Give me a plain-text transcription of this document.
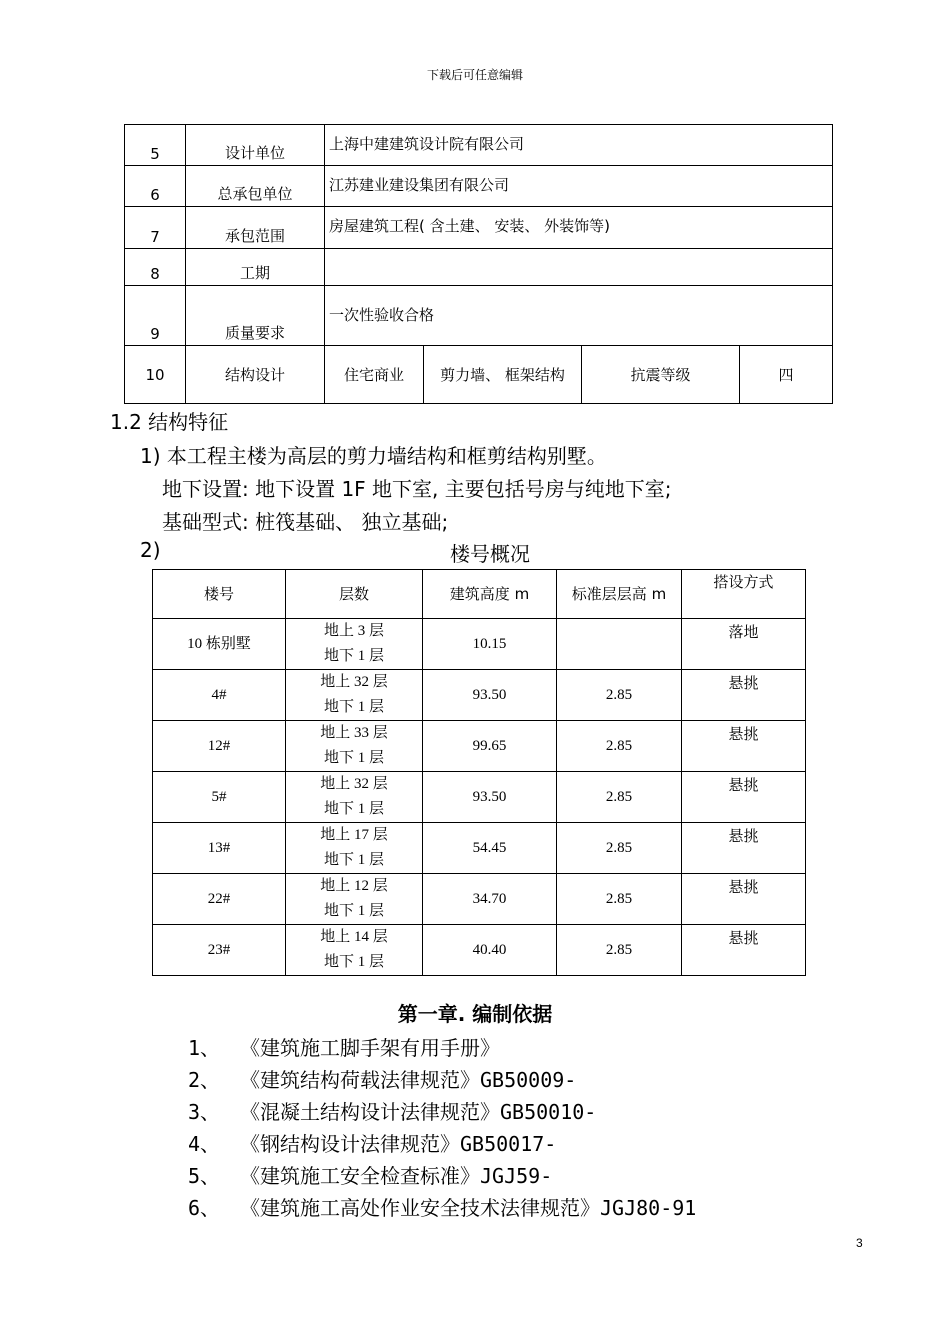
下载后可任意编辑
5	设计单位	上海中建建筑设计院有限公司			
6	总承包单位	江苏建业建设集团有限公司			
7	承包范围	房屋建筑工程( 含土建、 安装、 外装饰等)			
8	工期				
9	质量要求	一次性验收合格			
10	结构设计	住宅商业	剪力墙、 框架结构	抗震等级	四
1.2 结构特征
1) 本工程主楼为高层的剪力墙结构和框剪结构别墅。
地下设置: 地下设置 1F 地下室, 主要包括号房与纯地下室;
基础型式: 桩筏基础、 独立基础;
2)	楼号概况
楼号	层数	建筑高度 m	标准层层高 m	搭设方式
10 栋别墅	地上 3 层
地下 1 层	10.15		落地
4#	地上 32 层
地下 1 层	93.50	2.85	悬挑
12#	地上 33 层
地下 1 层	99.65	2.85	悬挑
5#	地上 32 层
地下 1 层	93.50	2.85	悬挑
13#	地上 17 层
地下 1 层	54.45	2.85	悬挑
22#	地上 12 层
地下 1 层	34.70	2.85	悬挑
23#	地上 14 层
地下 1 层	40.40	2.85	悬挑
第一章. 编制依据
1、 《建筑施工脚手架有用手册》
2、 《建筑结构荷载法律规范》GB50009-
3、 《混凝土结构设计法律规范》GB50010-
4、 《钢结构设计法律规范》GB50017-
5、 《建筑施工安全检查标准》JGJ59-
6、 《建筑施工高处作业安全技术法律规范》JGJ80-91
3
